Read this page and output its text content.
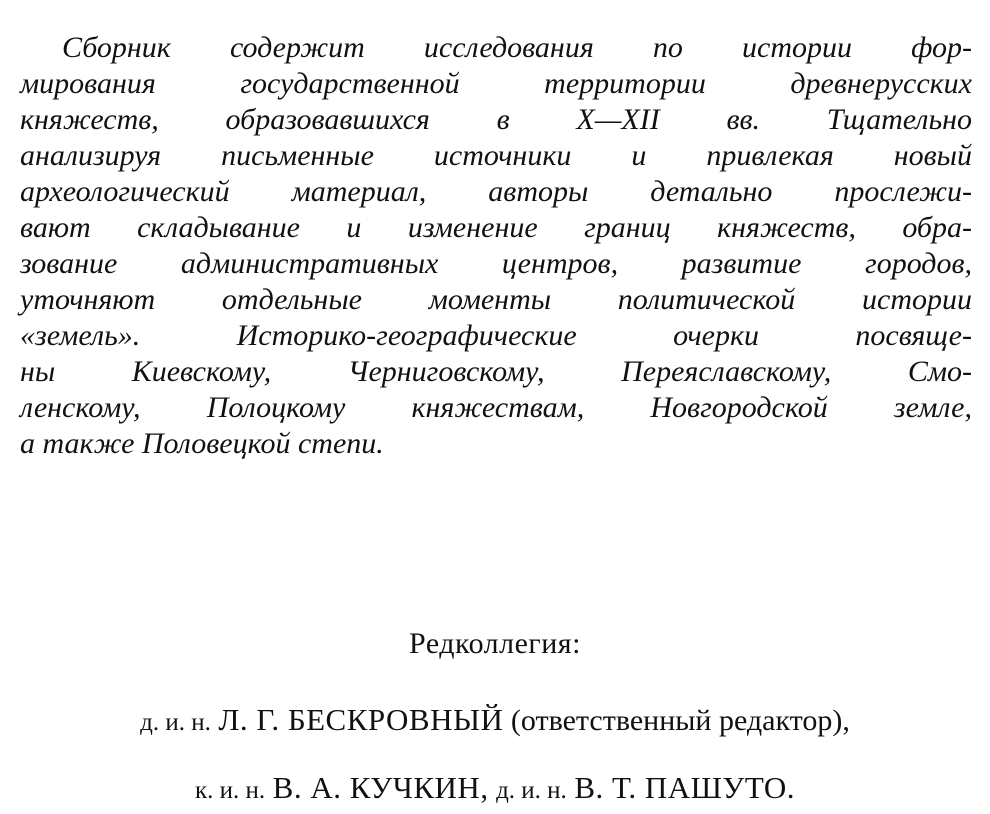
Сборник содержит исследования по истории фор-
мирования государственной территории древнерусских
княжеств, образовавшихся в X—XII вв. Тщательно
анализируя письменные источники и привлекая новый
археологический материал, авторы детально прослежи-
вают складывание и изменение границ княжеств, обра-
зование административных центров, развитие городов,
уточняют отдельные моменты политической истории
«земель». Историко-географические очерки посвяще-
ны Киевскому, Черниговскому, Переяславскому, Смо-
ленскому, Полоцкому княжествам, Новгородской земле,
а также Половецкой степи.
Редколлегия:
д. и. н. Л. Г. БЕСКРОВНЫЙ (ответственный редактор),
к. и. н. В. А. КУЧКИН, д. и. н. В. Т. ПАШУТО.
